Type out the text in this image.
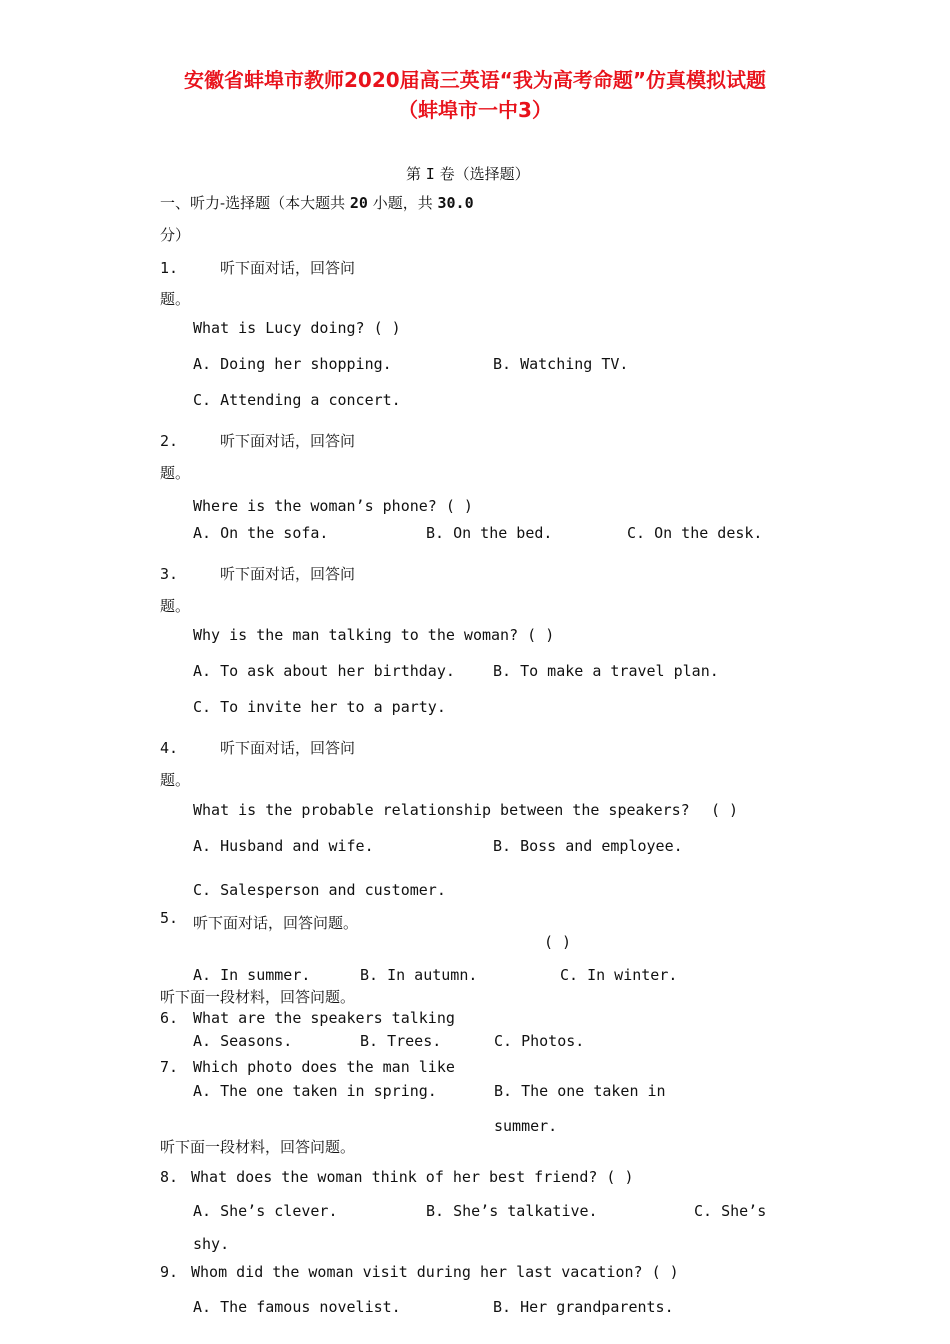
安徽省蚌埠市教师2020届高三英语“我为高考命题”仿真模拟试题
（蚌埠市一中3）
第 I 卷（选择题）
一、听力-选择题（本大题共 20 小题，共 30.0
分）
1.	听下面对话，回答问
题。
What is Lucy doing? ( )
A. Doing her shopping.	B. Watching TV.
C. Attending a concert.
2.	听下面对话，回答问
题。
Where is the woman’s phone? ( )
A. On the sofa.	B. On the bed.	C. On the desk.
3.	听下面对话，回答问
题。
Why is the man talking to the woman? ( )
A. To ask about her birthday.	B. To make a travel plan.
C. To invite her to a party.
4.	听下面对话，回答问
题。
What is the probable relationship between the speakers? ( )
A. Husband and wife.	B. Boss and employee.
C. Salesperson and customer.
5. 听下面对话，回答问题。
( )
A. In summer.	B. In autumn.	C. In winter.
听下面一段材料，回答问题。
6. What are the speakers talking
A. Seasons.	B. Trees.	C. Photos.
7. Which photo does the man like
A. The one taken in spring.	B. The one taken in
summer.
听下面一段材料，回答问题。
8. What does the woman think of her best friend? ( )
A. She’s clever.	B. She’s talkative.	C. She’s
shy.
9. Whom did the woman visit during her last vacation? ( )
A. The famous novelist.	B. Her grandparents.
